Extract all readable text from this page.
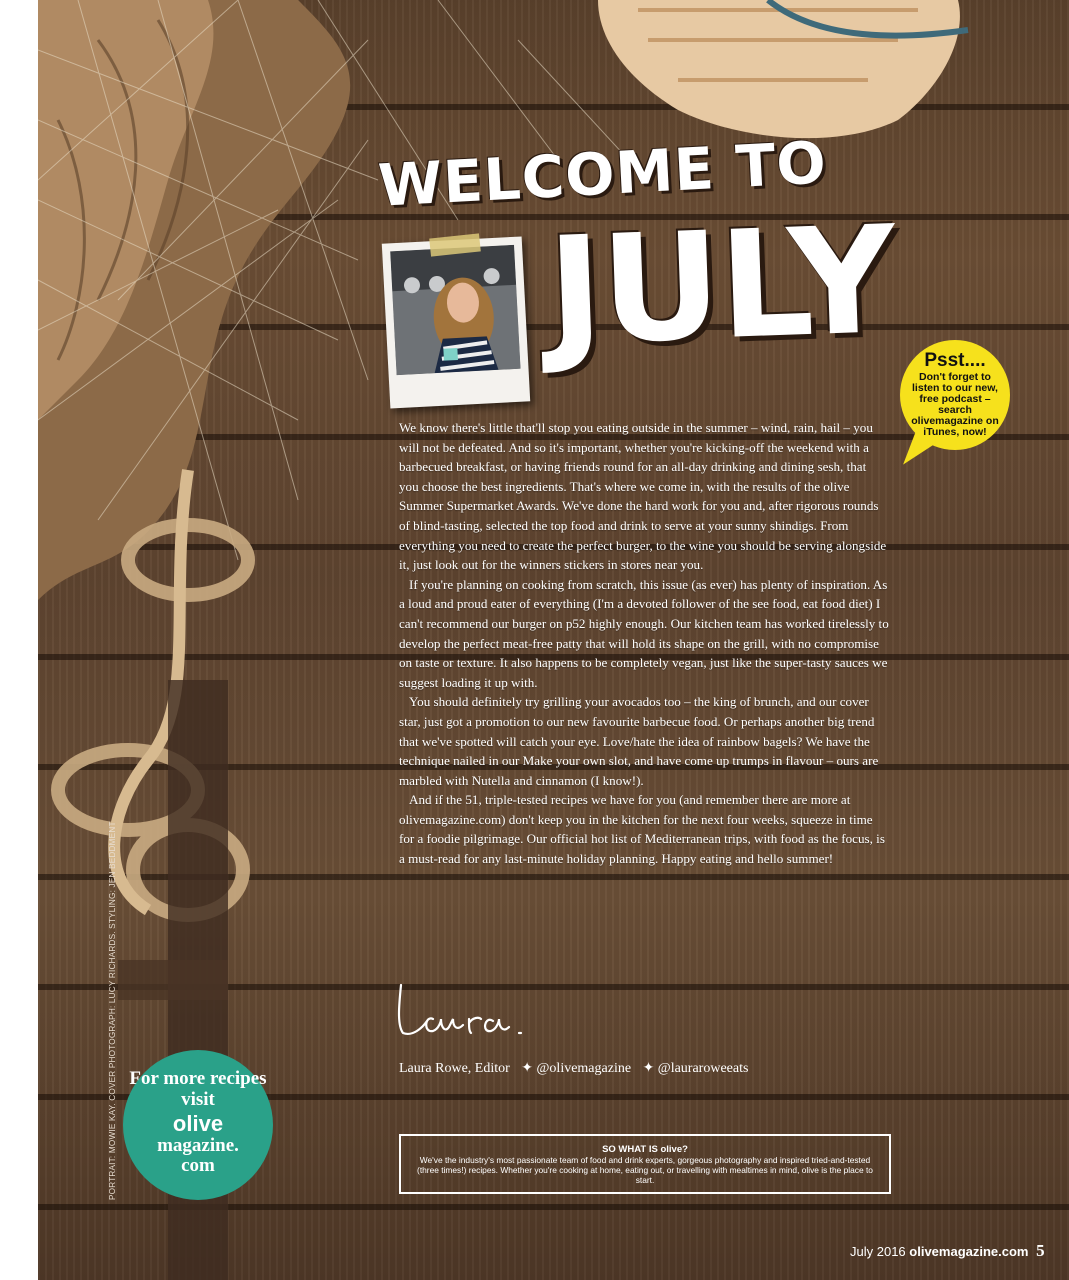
WELCOME TO
JULY	Psst....
Don't forget to listen to our new, free podcast – search olivemagazine on iTunes, now!

We know there's little that'll stop you eating outside in the summer – wind, rain, hail – you will not be defeated. And so it's important, whether you're kicking-off the weekend with a barbecued breakfast, or having friends round for an all-day drinking and dining sesh, that you choose the best ingredients. That's where we come in, with the results of the olive Summer Supermarket Awards. We've done the hard work for you and, after rigorous rounds of blind-tasting, selected the top food and drink to serve at your sunny shindigs. From everything you need to create the perfect burger, to the wine you should be serving alongside it, just look out for the winners stickers in stores near you.

If you're planning on cooking from scratch, this issue (as ever) has plenty of inspiration. As a loud and proud eater of everything (I'm a devoted follower of the see food, eat food diet) I can't recommend our burger on p52 highly enough. Our kitchen team has worked tirelessly to develop the perfect meat-free patty that will hold its shape on the grill, with no compromise on taste or texture. It also happens to be completely vegan, just like the super-tasty sauces we suggest loading it up with.

You should definitely try grilling your avocados too – the king of brunch, and our cover star, just got a promotion to our new favourite barbecue food. Or perhaps another big trend that we've spotted will catch your eye. Love/hate the idea of rainbow bagels? We have the technique nailed in our Make your own slot, and have come up trumps in flavour – ours are marbled with Nutella and cinnamon (I know!).

And if the 51, triple-tested recipes we have for you (and remember there are more at olivemagazine.com) don't keep you in the kitchen for the next four weeks, squeeze in time for a foodie pilgrimage. Our official hot list of Mediterranean trips, with food as the focus, is a must-read for any last-minute holiday planning. Happy eating and hello summer!

Laura Rowe, Editor ✦ @olivemagazine ✦ @lauraroweeats
SO WHAT IS olive?
We've the industry's most passionate team of food and drink experts, gorgeous photography and inspired tried-and-tested (three times!) recipes. Whether you're cooking at home, eating out, or travelling with mealtimes in mind, olive is the place to start.
For more recipes visit
olive
magazine.
com
PORTRAIT: MOWIE KAY. COVER PHOTOGRAPH: LUCY RICHARDS. STYLING: JEN BEDDMENT
July 2016 olivemagazine.com 5
